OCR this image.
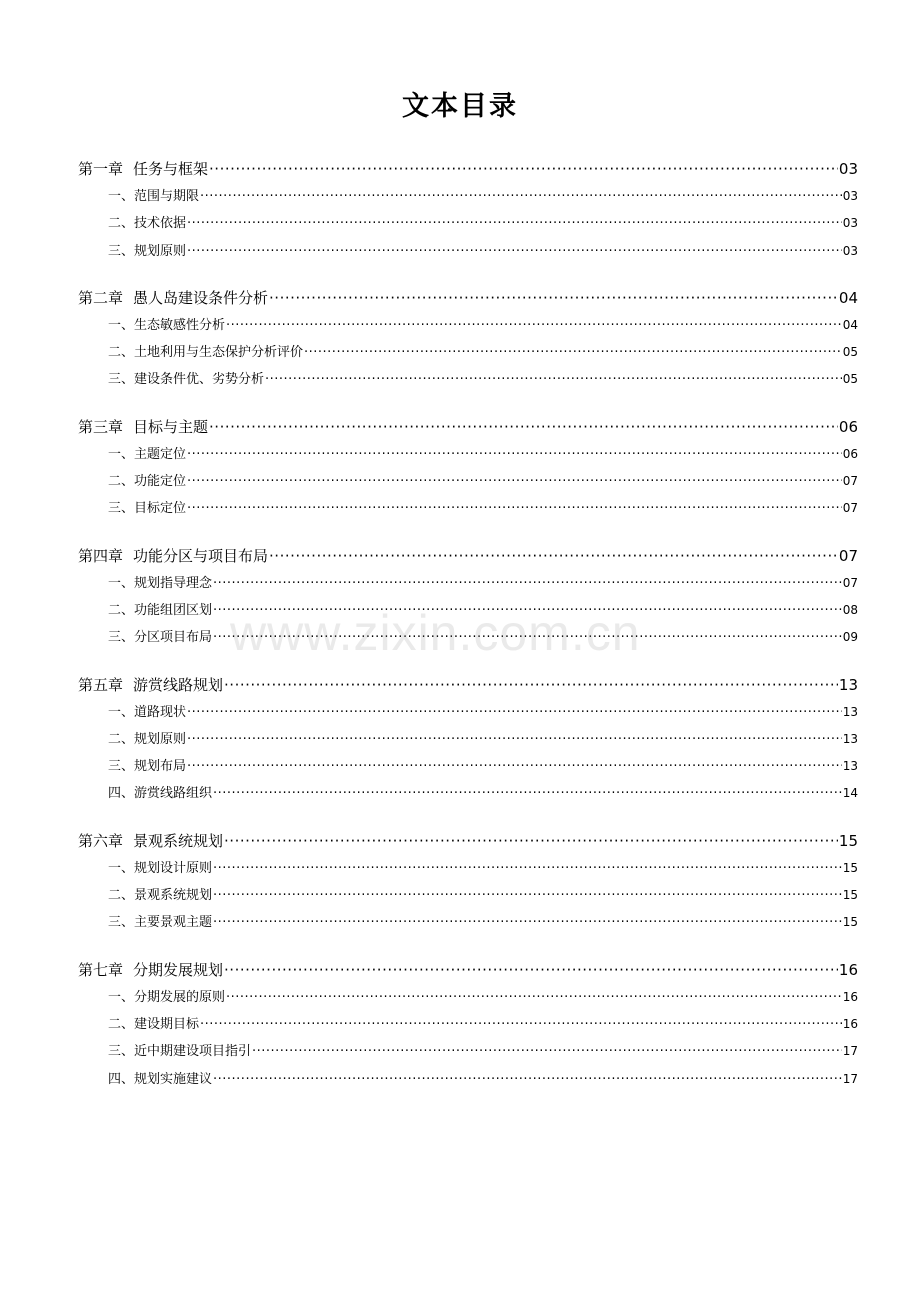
文本目录
第一章 任务与框架 ·····	03
一、范围与期限 ·····	03
二、技术依据 ·····	03
三、规划原则 ·····	03
第二章 愚人岛建设条件分析 ·····	04
一、生态敏感性分析 ·····	04
二、土地利用与生态保护分析评价 ·····	05
三、建设条件优、劣势分析 ·····	05
第三章 目标与主题 ·····	06
一、主题定位 ·····	06
二、功能定位 ·····	07
三、目标定位 ·····	07
第四章 功能分区与项目布局 ·····	07
一、规划指导理念 ·····	07
二、功能组团区划 ·····	08
三、分区项目布局 ·····	09
第五章 游赏线路规划 ·····	13
一、道路现状 ·····	13
二、规划原则 ·····	13
三、规划布局 ·····	13
四、游赏线路组织 ·····	14
第六章 景观系统规划 ·····	15
一、规划设计原则 ·····	15
二、景观系统规划 ·····	15
三、主要景观主题 ·····	15
第七章 分期发展规划 ·····	16
一、分期发展的原则 ·····	16
二、建设期目标 ·····	16
三、近中期建设项目指引 ·····	17
四、规划实施建议 ·····	17
www.zixin.com.cn
